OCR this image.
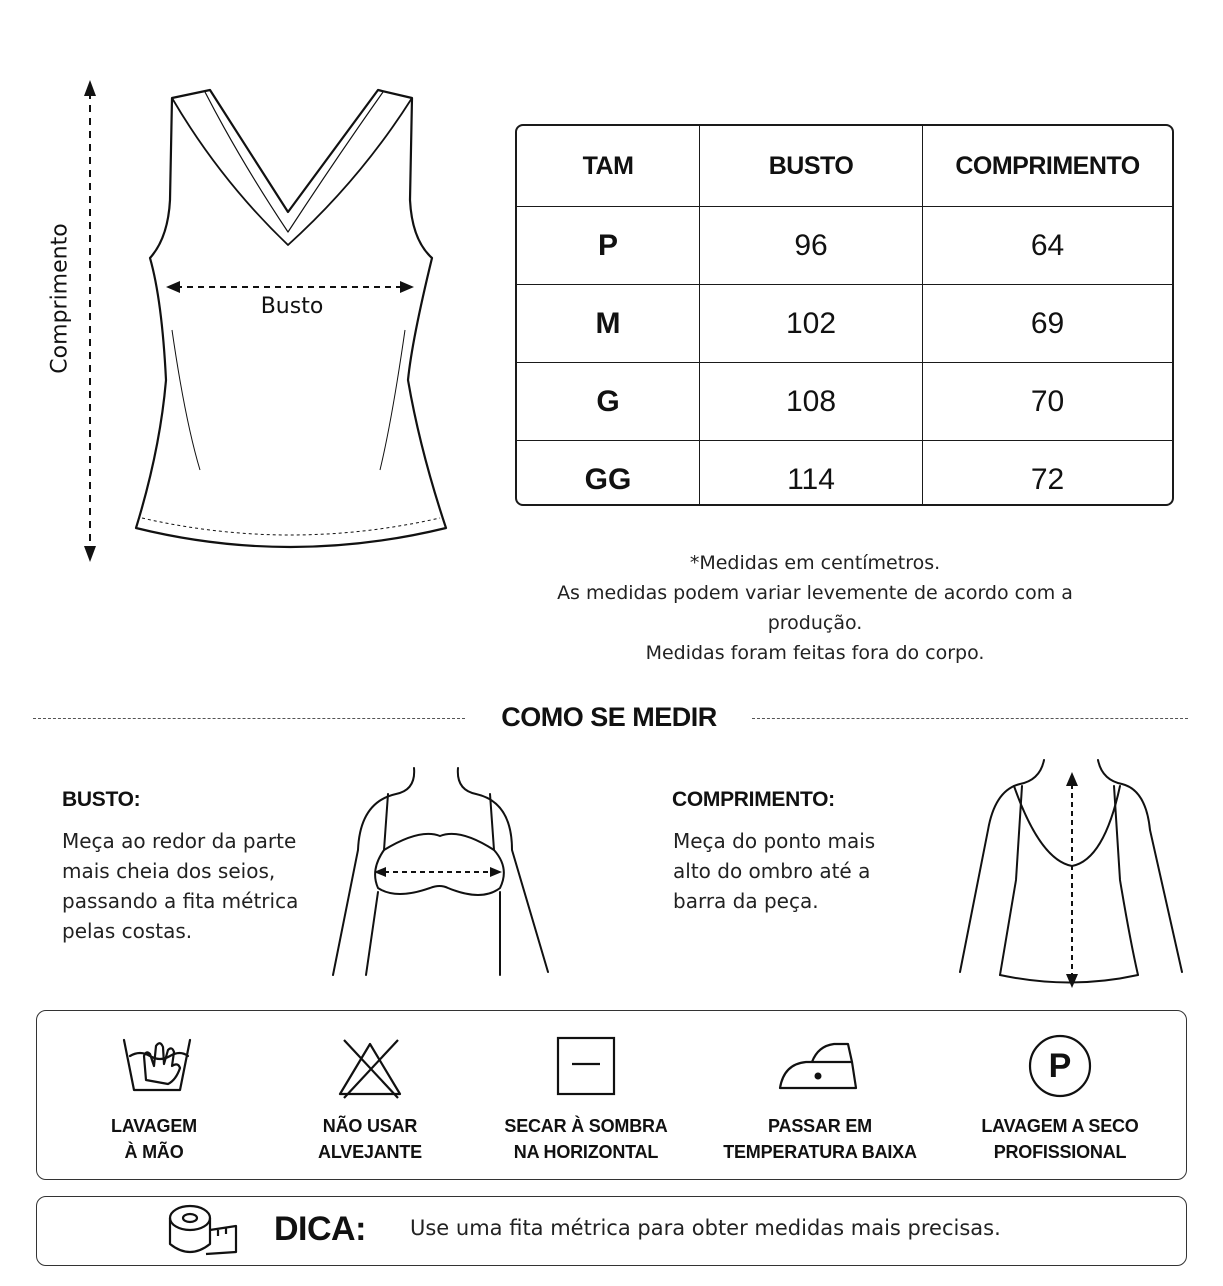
Comprimento	Busto
TAM	BUSTO	COMPRIMENTO
P	96	64
M	102	69
G	108	70
GG	114	72
*Medidas em centímetros.
As medidas podem variar levemente de acordo com a produção.
Medidas foram feitas fora do corpo.
COMO SE MEDIR
BUSTO:
Meça ao redor da parte
mais cheia dos seios,
passando a fita métrica
pelas costas.
COMPRIMENTO:
Meça do ponto mais
alto do ombro até a
barra da peça.
LAVAGEM
À MÃO
NÃO USAR
ALVEJANTE
SECAR À SOMBRA
NA HORIZONTAL
PASSAR EM
TEMPERATURA BAIXA
P
LAVAGEM A SECO
PROFISSIONAL
DICA: Use uma fita métrica para obter medidas mais precisas.
